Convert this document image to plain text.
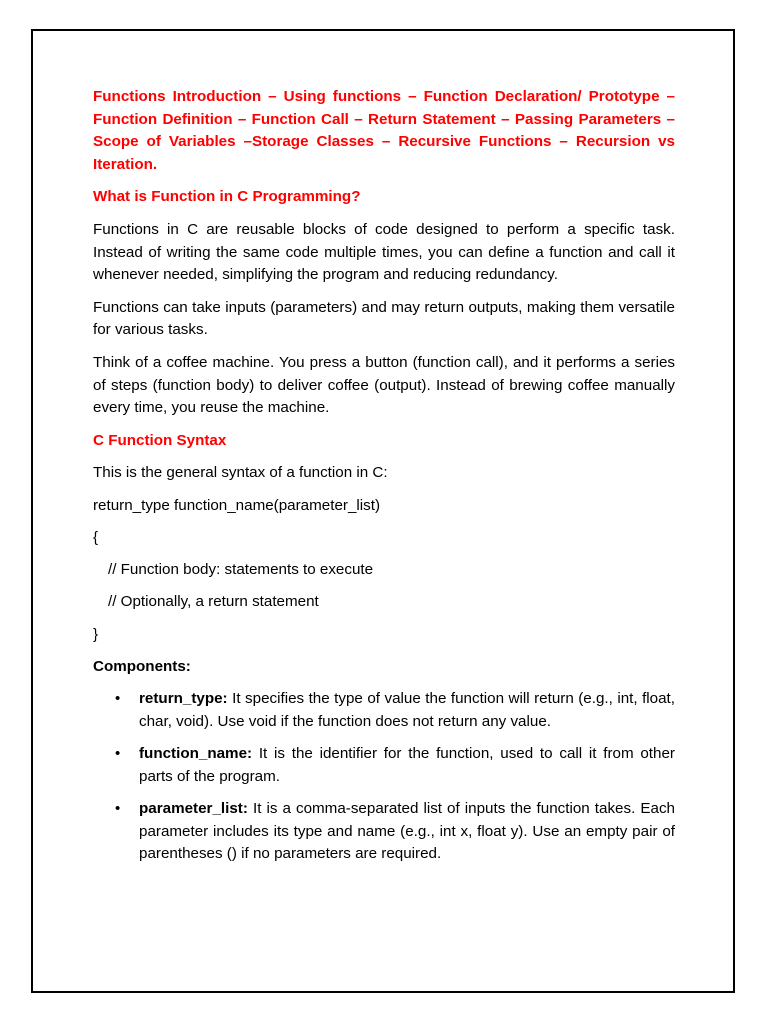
Functions Introduction – Using functions – Function Declaration/ Prototype – Function Definition – Function Call – Return Statement – Passing Parameters – Scope of Variables –Storage Classes – Recursive Functions – Recursion vs Iteration.

What is Function in C Programming?

Functions in C are reusable blocks of code designed to perform a specific task. Instead of writing the same code multiple times, you can define a function and call it whenever needed, simplifying the program and reducing redundancy.

Functions can take inputs (parameters) and may return outputs, making them versatile for various tasks.

Think of a coffee machine. You press a button (function call), and it performs a series of steps (function body) to deliver coffee (output). Instead of brewing coffee manually every time, you reuse the machine.

C Function Syntax

This is the general syntax of a function in C:

return_type function_name(parameter_list)
{
// Function body: statements to execute
// Optionally, a return statement
}

Components:

• return_type: It specifies the type of value the function will return (e.g., int, float, char, void). Use void if the function does not return any value.
• function_name: It is the identifier for the function, used to call it from other parts of the program.
• parameter_list: It is a comma-separated list of inputs the function takes. Each parameter includes its type and name (e.g., int x, float y). Use an empty pair of parentheses () if no parameters are required.
